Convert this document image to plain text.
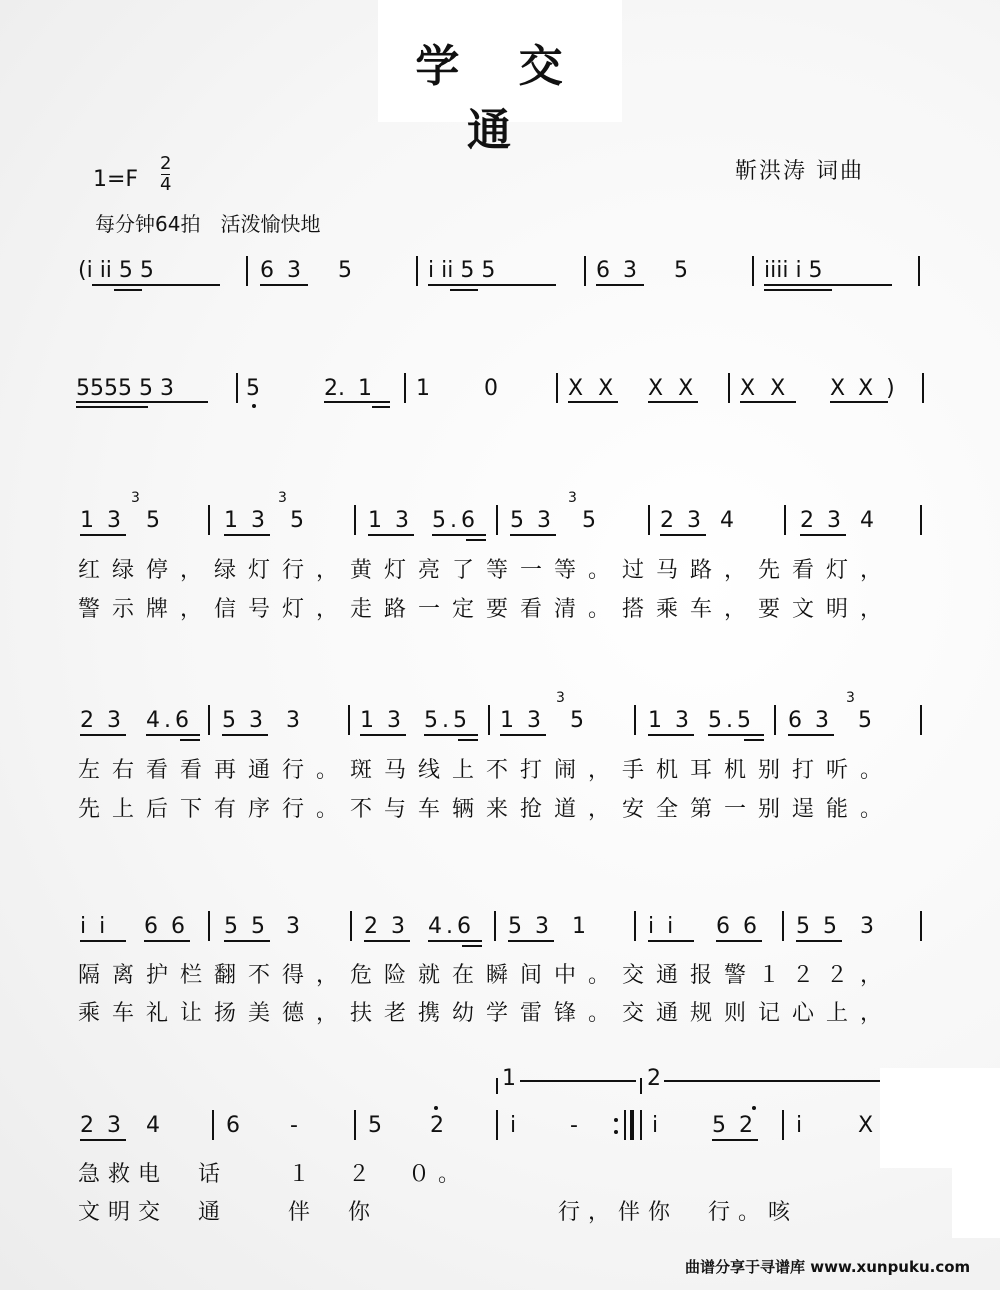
学 交 通
1=F
2
4
每分钟64拍　活泼愉快地
靳洪涛 词曲
(i ii 5 5	6 3 5	i ii 5 5	6 3 5	iiii i 5
5555 5 3	5	2. 1 1 0	X X X X X X X X )
1 3
3
5	1 3
3
5	1 3 5.6 5 3
3
5	2 3 4	2 3 4
红绿停，绿灯行，黄灯亮了等一等。过马路，先看灯，
警示牌，信号灯，走路一定要看清。搭乘车，要文明，
2 3 4.6 5 3 3	1 3 5.5 1 3
3
5	1 3 5.5 6 3
3
5
左右看看再通行。斑马线上不打闹，手机耳机别打听。
先上后下有序行。不与车辆来抢道，安全第一别逞能。
i i 6 6 5 5 3	2 3 4.6 5 3 1	i i 6 6 5 5 3
隔离护栏翻不得，危险就在瞬间中。交通报警１２２，
乘车礼让扬美德，扶老携幼学雷锋。交通规则记心上，
1	2
2 3 4	6 -	5 2	i -	i 5 2 i	X
急救电　话　　１　２　０。
文明交　通　　伴　你　　　　　　行，伴你　行。咳
曲谱分享于寻谱库 www.xunpuku.com
